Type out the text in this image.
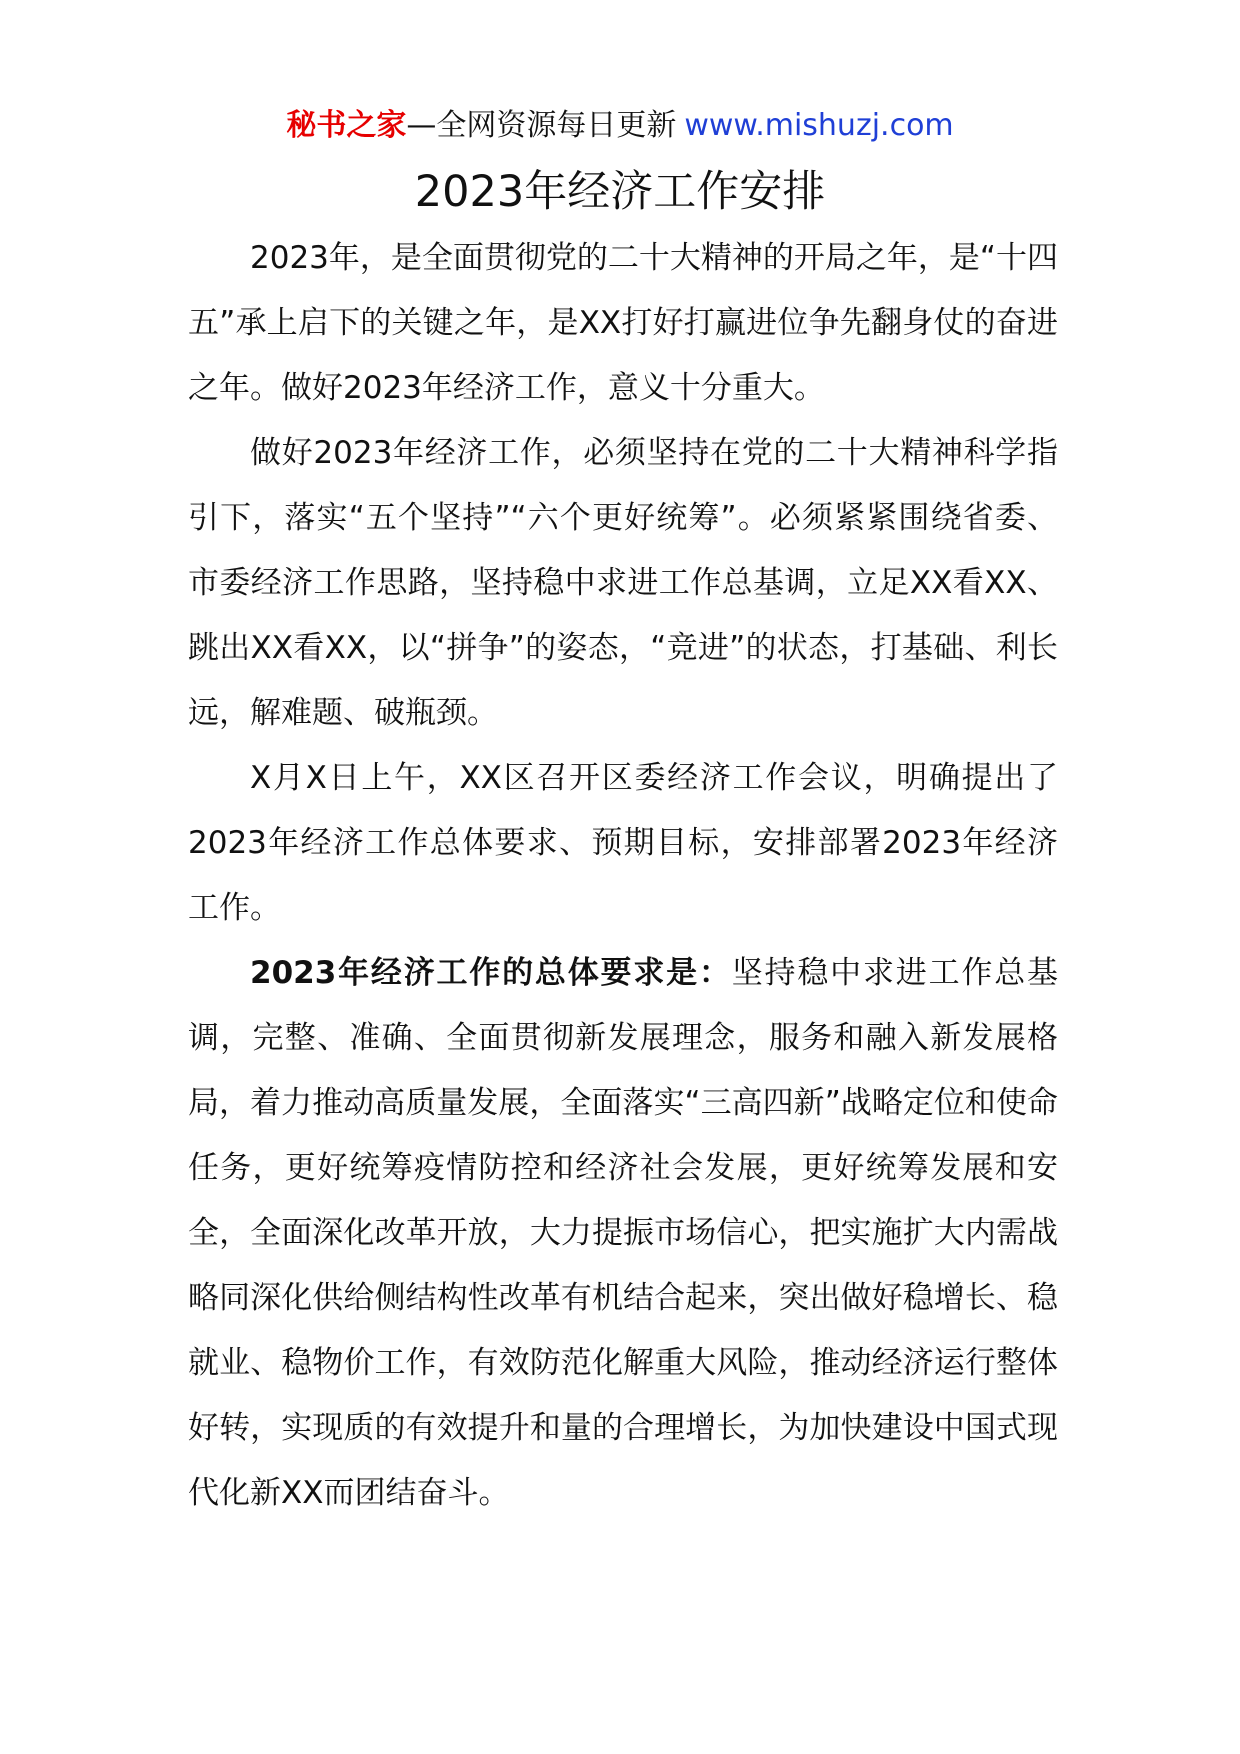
秘书之家—全网资源每日更新 www.mishuzj.com
2023年经济工作安排

2023年，是全面贯彻党的二十大精神的开局之年，是“十四五”承上启下的关键之年，是XX打好打赢进位争先翻身仗的奋进之年。做好2023年经济工作，意义十分重大。

做好2023年经济工作，必须坚持在党的二十大精神科学指引下，落实“五个坚持”“六个更好统筹”。必须紧紧围绕省委、市委经济工作思路，坚持稳中求进工作总基调，立足XX看XX、跳出XX看XX，以“拼争”的姿态，“竞进”的状态，打基础、利长远，解难题、破瓶颈。

X月X日上午，XX区召开区委经济工作会议，明确提出了2023年经济工作总体要求、预期目标，安排部署2023年经济工作。

2023年经济工作的总体要求是：坚持稳中求进工作总基调，完整、准确、全面贯彻新发展理念，服务和融入新发展格局，着力推动高质量发展，全面落实“三高四新”战略定位和使命任务，更好统筹疫情防控和经济社会发展，更好统筹发展和安全，全面深化改革开放，大力提振市场信心，把实施扩大内需战略同深化供给侧结构性改革有机结合起来，突出做好稳增长、稳就业、稳物价工作，有效防范化解重大风险，推动经济运行整体好转，实现质的有效提升和量的合理增长，为加快建设中国式现代化新XX而团结奋斗。
